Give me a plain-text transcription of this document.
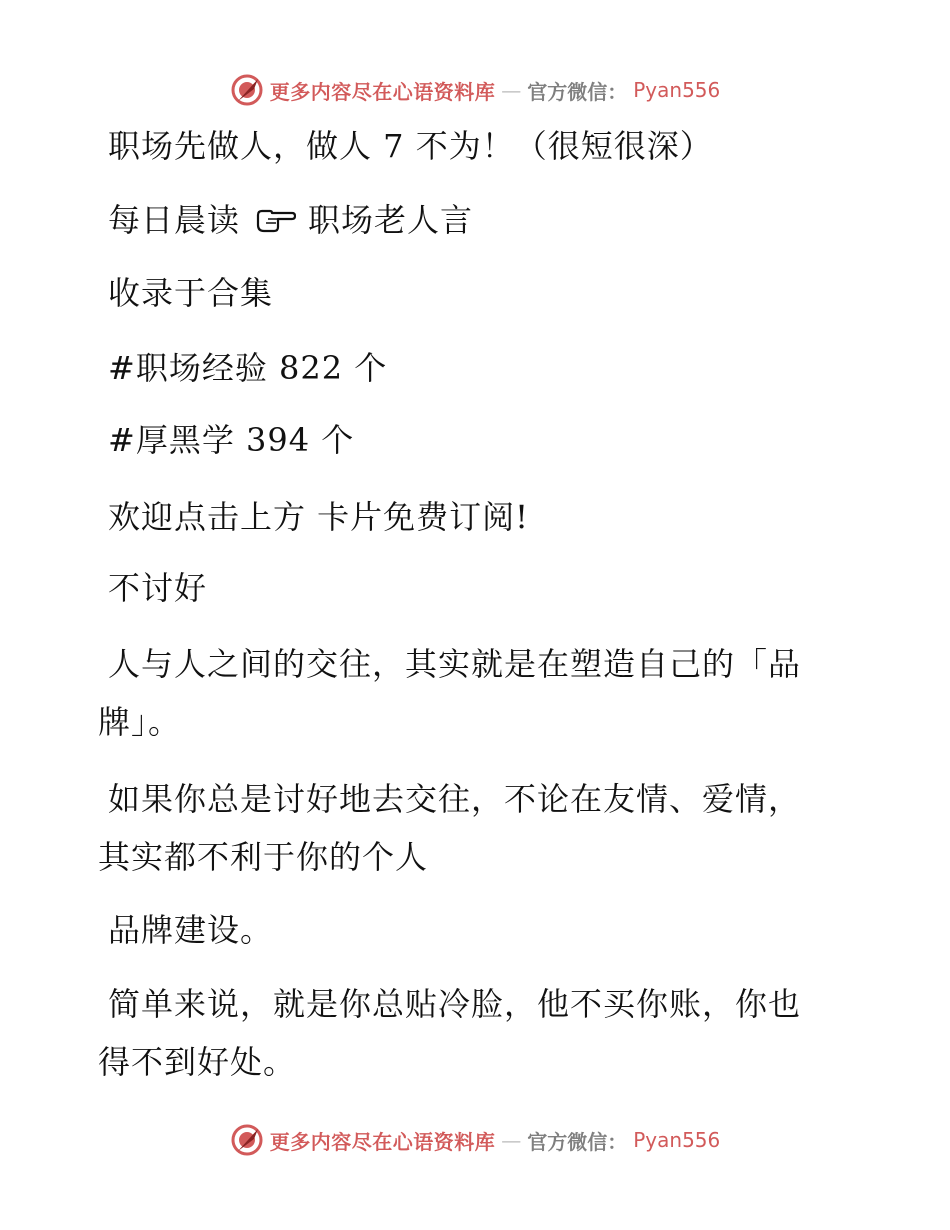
更多内容尽在心语资料库 — 官方微信： Pyan556
职场先做人，做人 7 不为！（很短很深）
每日晨读 职场老人言
收录于合集
#职场经验 822 个
#厚黑学 394 个
欢迎点击上方 卡片免费订阅!
不讨好
人与人之间的交往，其实就是在塑造自己的「品
牌」。
如果你总是讨好地去交往，不论在友情、爱情，
其实都不利于你的个人
品牌建设。
简单来说，就是你总贴冷脸，他不买你账，你也
得不到好处。
更多内容尽在心语资料库 — 官方微信： Pyan556
